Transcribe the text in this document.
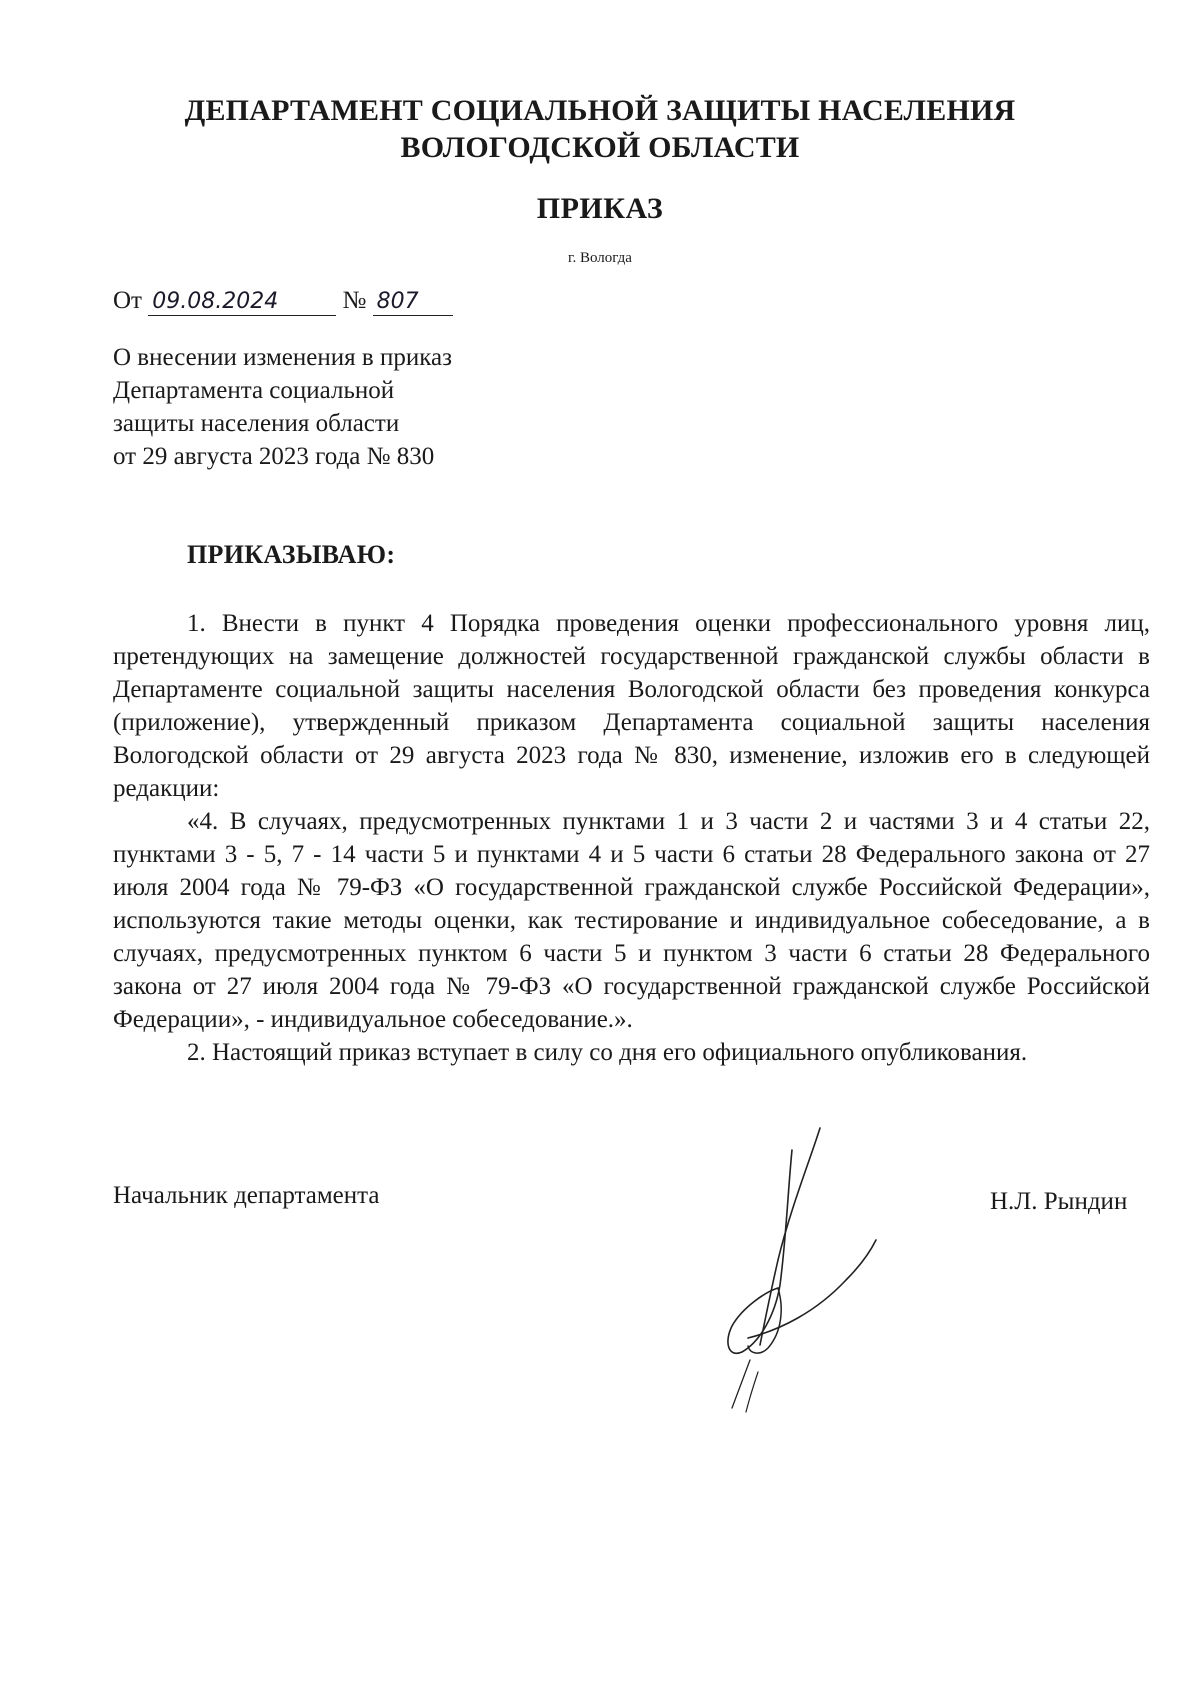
ДЕПАРТАМЕНТ СОЦИАЛЬНОЙ ЗАЩИТЫ НАСЕЛЕНИЯ
ВОЛОГОДСКОЙ ОБЛАСТИ
ПРИКАЗ
г. Вологда
От 09.08.2024	№ 807
О внесении изменения в приказ
Департамента социальной
защиты населения области
от 29 августа 2023 года № 830
ПРИКАЗЫВАЮ:

1. Внести в пункт 4 Порядка проведения оценки профессионального уровня лиц, претендующих на замещение должностей государственной гражданской службы области в Департаменте социальной защиты населения Вологодской области без проведения конкурса (приложение), утвержденный приказом Департамента социальной защиты населения Вологодской области от 29 августа 2023 года № 830, изменение, изложив его в следующей редакции:

«4. В случаях, предусмотренных пунктами 1 и 3 части 2 и частями 3 и 4 статьи 22, пунктами 3 - 5, 7 - 14 части 5 и пунктами 4 и 5 части 6 статьи 28 Федерального закона от 27 июля 2004 года № 79-ФЗ «О государственной гражданской службе Российской Федерации», используются такие методы оценки, как тестирование и индивидуальное собеседование, а в случаях, предусмотренных пунктом 6 части 5 и пунктом 3 части 6 статьи 28 Федерального закона от 27 июля 2004 года № 79-ФЗ «О государственной гражданской службе Российской Федерации», - индивидуальное собеседование.».

2. Настоящий приказ вступает в силу со дня его официального опубликования.

Начальник департамента	Н.Л. Рындин
